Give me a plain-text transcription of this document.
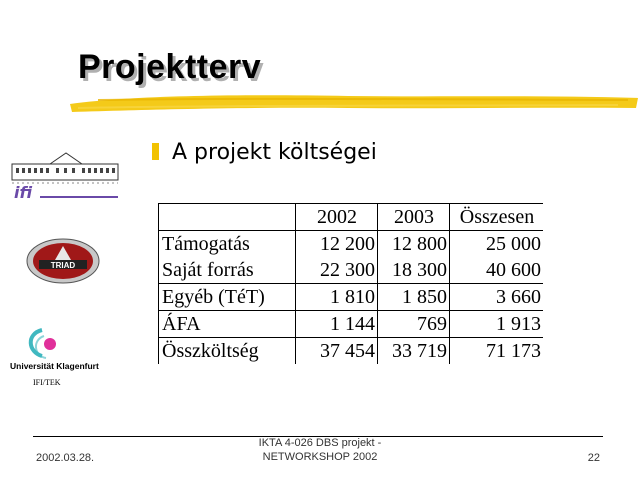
Projektterv
A projekt költségei
ifi
TRIAD
Universität Klagenfurt
IFI/TEK
	2002	2003	Összesen
Támogatás	12 200	12 800	25 000
Saját forrás	22 300	18 300	40 600
Egyéb (TéT)	1 810	1 850	3 660
ÁFA	1 144	769	1 913
Összköltség	37 454	33 719	71 173
2002.03.28.
IKTA 4-026 DBS projekt -
NETWORKSHOP 2002	22
